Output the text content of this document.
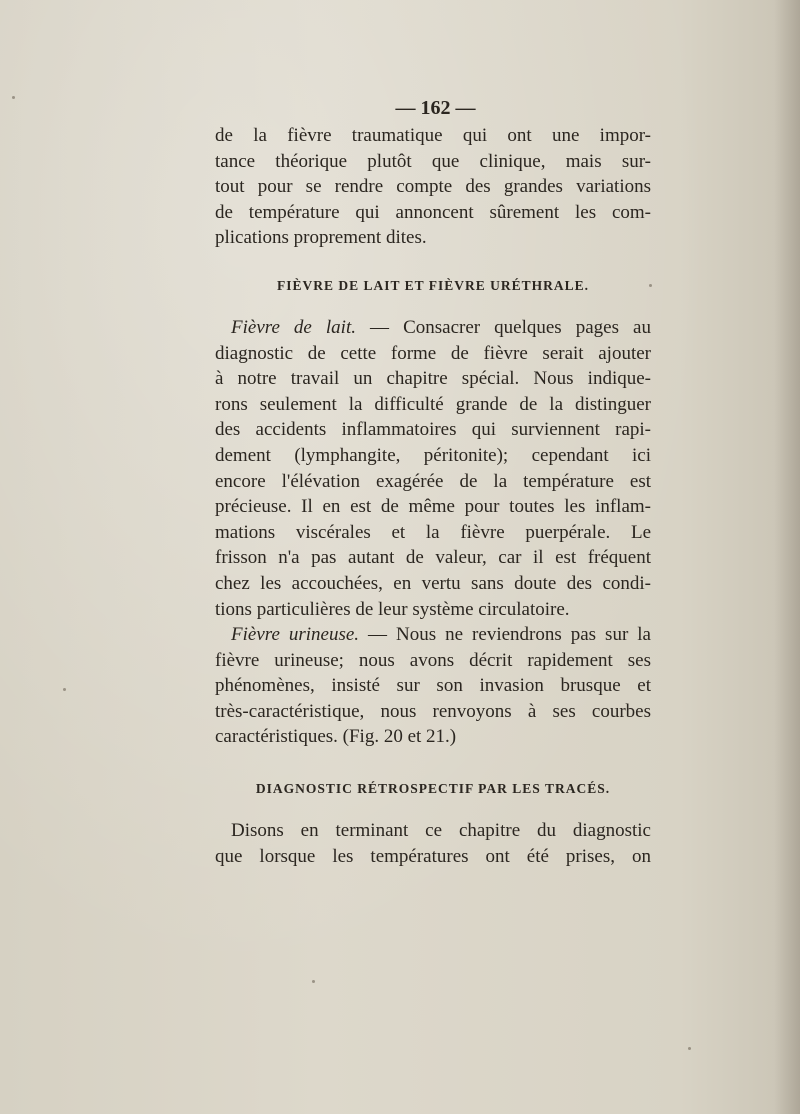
— 162 —
de la fièvre traumatique qui ont une impor-
tance théorique plutôt que clinique, mais sur-
tout pour se rendre compte des grandes variations
de température qui annoncent sûrement les com-
plications proprement dites.
FIÈVRE DE LAIT ET FIÈVRE URÉTHRALE.
Fièvre de lait. — Consacrer quelques pages au
diagnostic de cette forme de fièvre serait ajouter
à notre travail un chapitre spécial. Nous indique-
rons seulement la difficulté grande de la distinguer
des accidents inflammatoires qui surviennent rapi-
dement (lymphangite, péritonite); cependant ici
encore l'élévation exagérée de la température est
précieuse. Il en est de même pour toutes les inflam-
mations viscérales et la fièvre puerpérale. Le
frisson n'a pas autant de valeur, car il est fréquent
chez les accouchées, en vertu sans doute des condi-
tions particulières de leur système circulatoire.
Fièvre urineuse. — Nous ne reviendrons pas sur la
fièvre urineuse; nous avons décrit rapidement ses
phénomènes, insisté sur son invasion brusque et
très-caractéristique, nous renvoyons à ses courbes
caractéristiques. (Fig. 20 et 21.)
DIAGNOSTIC RÉTROSPECTIF PAR LES TRACÉS.
Disons en terminant ce chapitre du diagnostic
que lorsque les températures ont été prises, on
